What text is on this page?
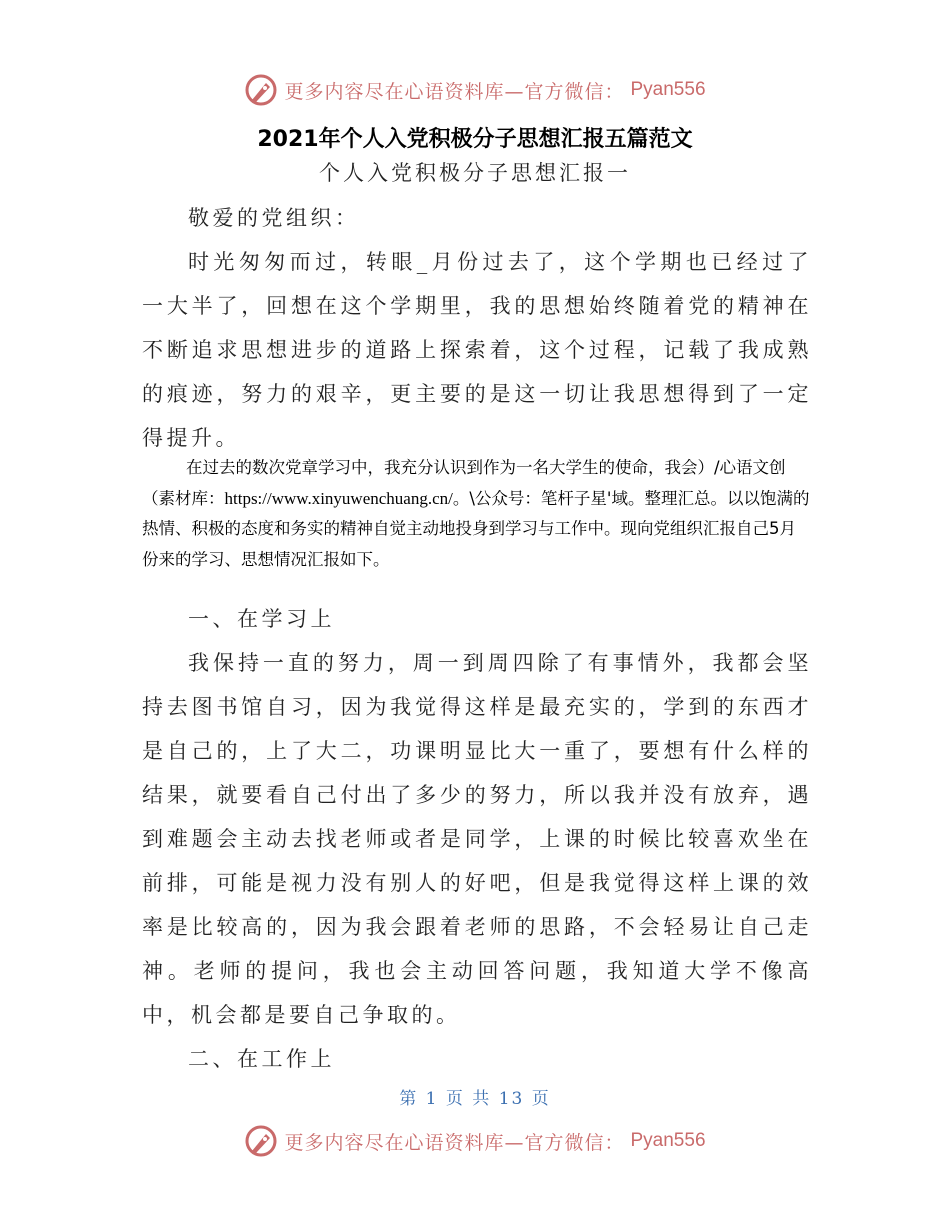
更多内容尽在心语资料库—官方微信： Pyan556
2021年个人入党积极分子思想汇报五篇范文
个人入党积极分子思想汇报一

敬爱的党组织：

时光匆匆而过，转眼_月份过去了，这个学期也已经过了一大半了，回想在这个学期里，我的思想始终随着党的精神在不断追求思想进步的道路上探索着，这个过程，记载了我成熟的痕迹，努力的艰辛，更主要的是这一切让我思想得到了一定得提升。

在过去的数次党章学习中，我充分认识到作为一名大学生的使命，我会）/心语文创（素材库：https://www.xinyuwenchuang.cn/。\公众号：笔杆子星'域。整理汇总。以以饱满的热情、积极的态度和务实的精神自觉主动地投身到学习与工作中。现向党组织汇报自己5月份来的学习、思想情况汇报如下。

一、在学习上

我保持一直的努力，周一到周四除了有事情外，我都会坚持去图书馆自习，因为我觉得这样是最充实的，学到的东西才是自己的，上了大二，功课明显比大一重了，要想有什么样的结果，就要看自己付出了多少的努力，所以我并没有放弃，遇到难题会主动去找老师或者是同学，上课的时候比较喜欢坐在前排，可能是视力没有别人的好吧，但是我觉得这样上课的效率是比较高的，因为我会跟着老师的思路，不会轻易让自己走神。老师的提问，我也会主动回答问题，我知道大学不像高中，机会都是要自己争取的。

二、在工作上

第 1 页 共 13 页
更多内容尽在心语资料库—官方微信： Pyan556
